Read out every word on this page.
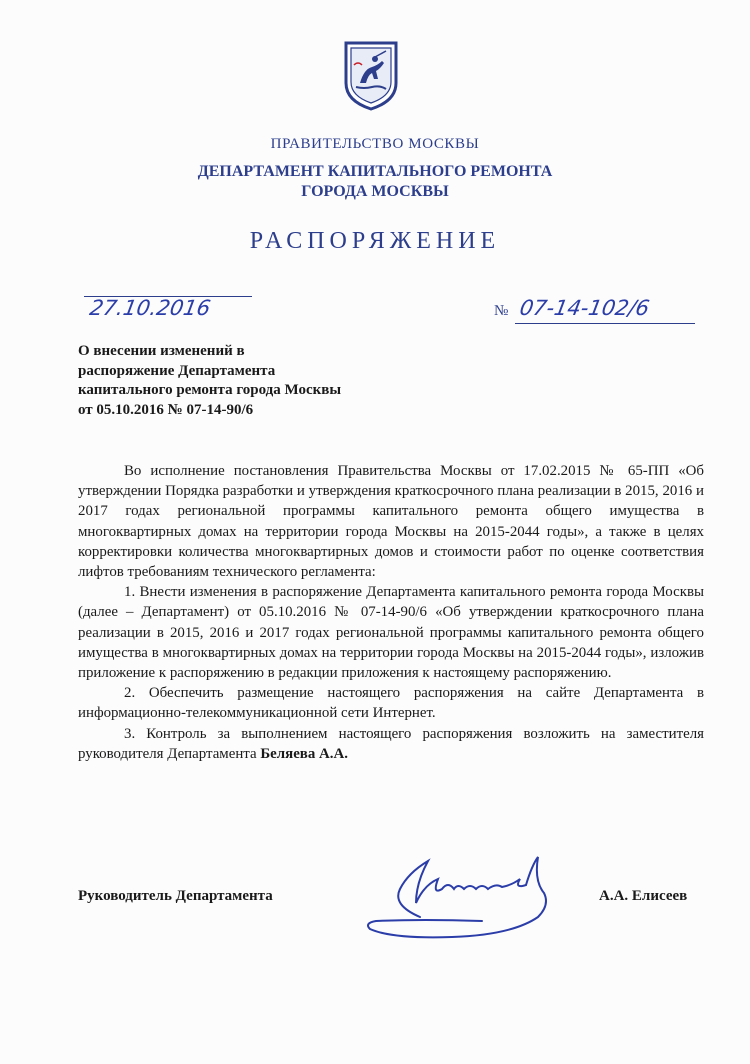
ПРАВИТЕЛЬСТВО МОСКВЫ
ДЕПАРТАМЕНТ КАПИТАЛЬНОГО РЕМОНТА
ГОРОДА МОСКВЫ
РАСПОРЯЖЕНИЕ
27.10.2016	№ 07-14-102/6
О внесении изменений в
распоряжение Департамента
капитального ремонта города Москвы
от 05.10.2016 № 07-14-90/6

Во исполнение постановления Правительства Москвы от 17.02.2015 № 65-ПП «Об утверждении Порядка разработки и утверждения краткосрочного плана реализации в 2015, 2016 и 2017 годах региональной программы капитального ремонта общего имущества в многоквартирных домах на территории города Москвы на 2015-2044 годы», а также в целях корректировки количества многоквартирных домов и стоимости работ по оценке соответствия лифтов требованиям технического регламента:

1. Внести изменения в распоряжение Департамента капитального ремонта города Москвы (далее – Департамент) от 05.10.2016 № 07-14-90/6 «Об утверждении краткосрочного плана реализации в 2015, 2016 и 2017 годах региональной программы капитального ремонта общего имущества в многоквартирных домах на территории города Москвы на 2015-2044 годы», изложив приложение к распоряжению в редакции приложения к настоящему распоряжению.

2. Обеспечить размещение настоящего распоряжения на сайте Департамента в информационно-телекоммуникационной сети Интернет.

3. Контроль за выполнением настоящего распоряжения возложить на заместителя руководителя Департамента Беляева А.А.

Руководитель Департамента	А.А. Елисеев
